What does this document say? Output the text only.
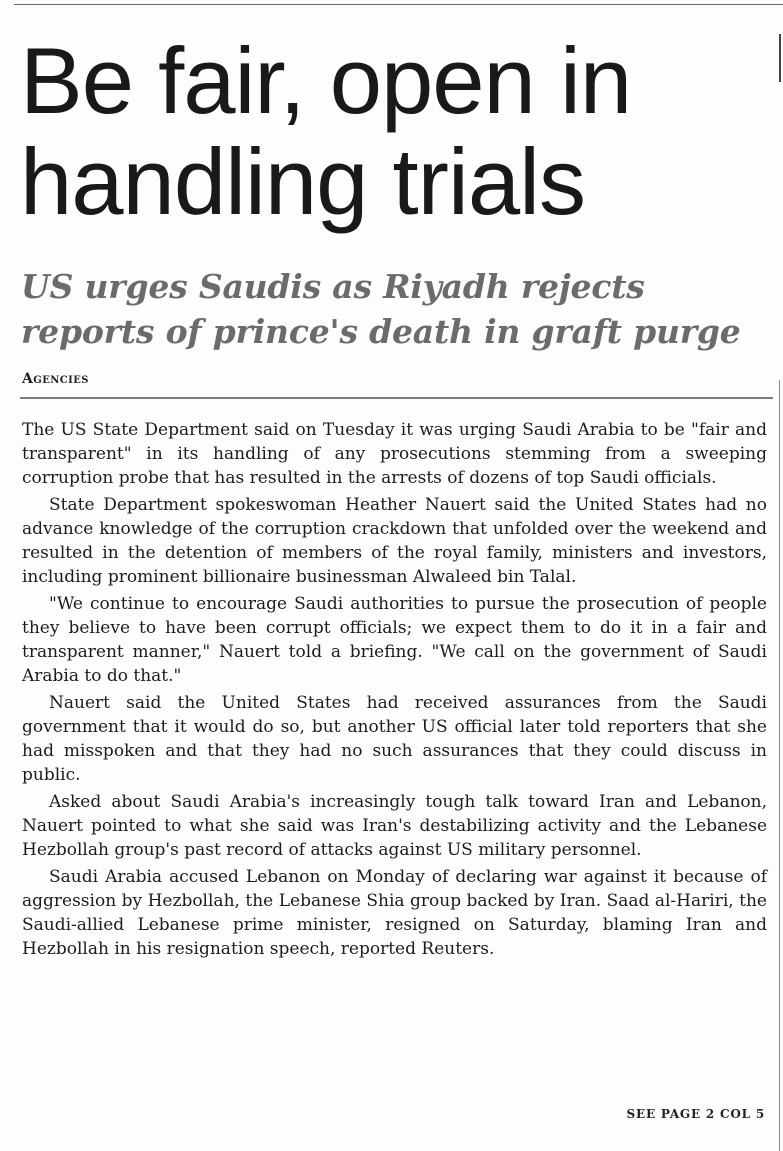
Be fair, open in handling trials
US urges Saudis as Riyadh rejects reports of prince's death in graft purge
Agencies

The US State Department said on Tuesday it was urging Saudi Arabia to be "fair and transparent" in its handling of any prosecutions stemming from a sweeping corruption probe that has resulted in the arrests of dozens of top Saudi officials.

State Department spokeswoman Heather Nauert said the United States had no advance knowledge of the corruption crackdown that unfolded over the weekend and resulted in the detention of members of the royal family, ministers and investors, including prominent billionaire businessman Alwaleed bin Talal.

"We continue to encourage Saudi authorities to pursue the prosecution of people they believe to have been corrupt officials; we expect them to do it in a fair and transparent manner," Nauert told a briefing. "We call on the government of Saudi Arabia to do that."

Nauert said the United States had received assurances from the Saudi government that it would do so, but another US official later told reporters that she had misspoken and that they had no such assurances that they could discuss in public.

Asked about Saudi Arabia's increasingly tough talk toward Iran and Lebanon, Nauert pointed to what she said was Iran's destabilizing activity and the Lebanese Hezbollah group's past record of attacks against US military personnel.

Saudi Arabia accused Lebanon on Monday of declaring war against it because of aggression by Hezbollah, the Lebanese Shia group backed by Iran. Saad al-Hariri, the Saudi-allied Lebanese prime minister, resigned on Saturday, blaming Iran and Hezbollah in his resignation speech, reported Reuters.

SEE PAGE 2 COL 5
